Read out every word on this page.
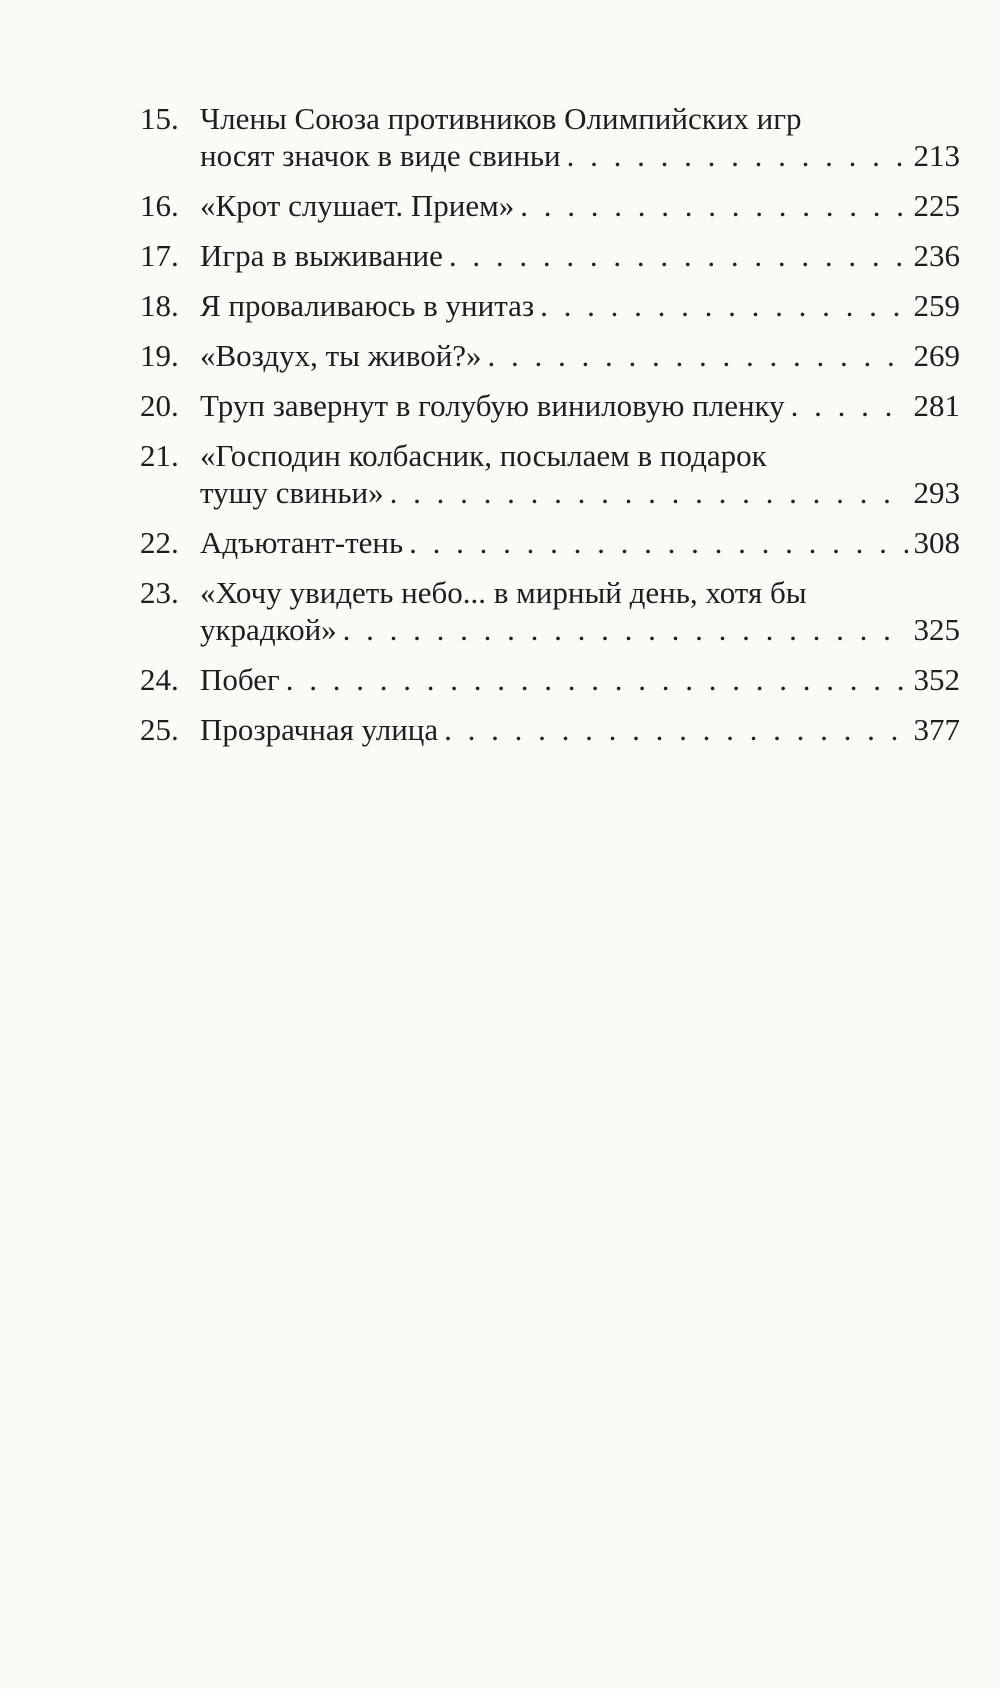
15. Члены Союза противников Олимпийских игр
носят значок в виде свиньи . . .	213
16. «Крот слушает. Прием» . . .	225
17. Игра в выживание . . .	236
18. Я проваливаюсь в унитаз . . .	259
19. «Воздух, ты живой?» . . .	269
20. Труп завернут в голубую виниловую пленку . . .	281
21. «Господин колбасник, посылаем в подарок
тушу свиньи» . . .	293
22. Адъютант-тень . . .	308
23. «Хочу увидеть небо... в мирный день, хотя бы
украдкой» . . .	325
24. Побег . . .	352
25. Прозрачная улица . . .	377
